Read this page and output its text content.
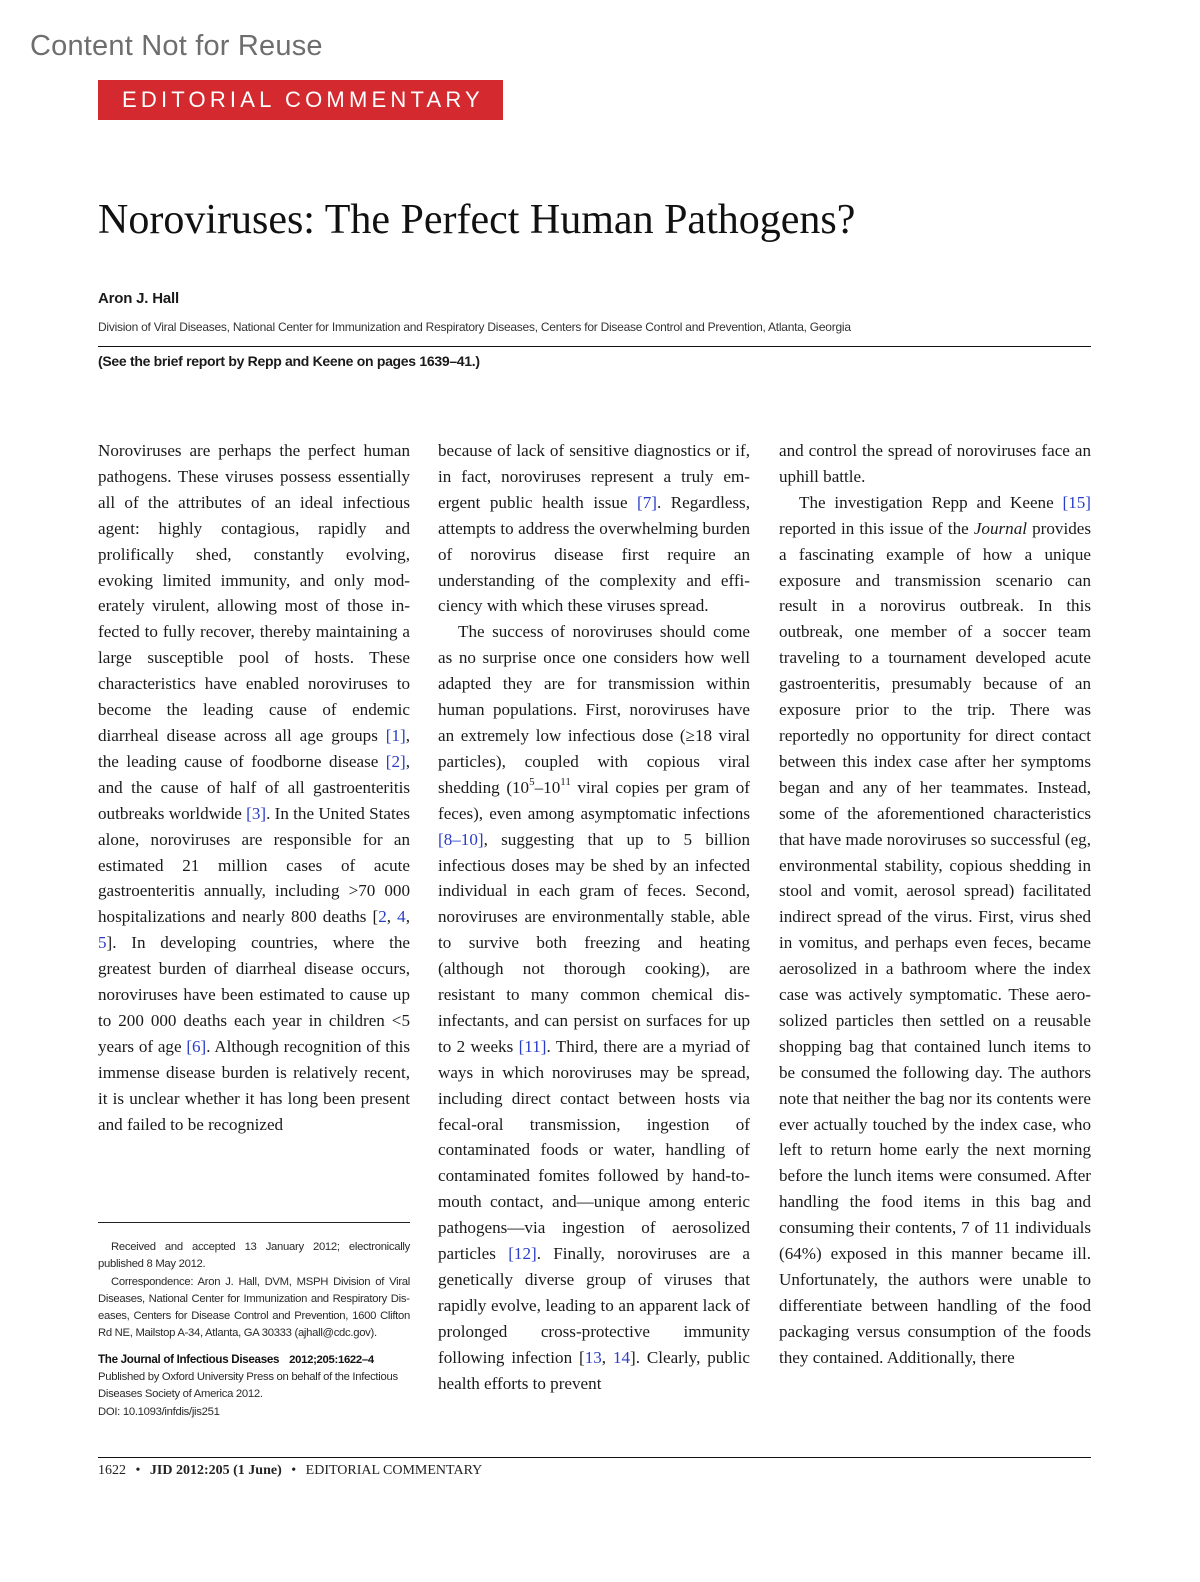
Content Not for Reuse
EDITORIAL COMMENTARY
Noroviruses: The Perfect Human Pathogens?
Aron J. Hall
Division of Viral Diseases, National Center for Immunization and Respiratory Diseases, Centers for Disease Control and Prevention, Atlanta, Georgia
(See the brief report by Repp and Keene on pages 1639–41.)

Noroviruses are perhaps the perfect human pathogens. These viruses possess essentially all of the attributes of an ideal infectious agent: highly contagious, rapidly and prolifically shed, constantly evolving, evoking limited immunity, and only moderately virulent, allowing most of those infected to fully recover, thereby maintaining a large susceptible pool of hosts. These characteristics have enabled noroviruses to become the leading cause of endemic diarrheal disease across all age groups [1], the leading cause of foodborne disease [2], and the cause of half of all gastroenteritis outbreaks worldwide [3]. In the United States alone, noroviruses are responsible for an estimated 21 million cases of acute gastroenteritis annually, including >70 000 hospitalizations and nearly 800 deaths [2, 4, 5]. In developing countries, where the greatest burden of diarrheal disease occurs, noroviruses have been estimated to cause up to 200 000 deaths each year in children <5 years of age [6]. Although recognition of this immense disease burden is relatively recent, it is unclear whether it has long been present and failed to be recognized

because of lack of sensitive diagnostics or if, in fact, noroviruses represent a truly emergent public health issue [7]. Regardless, attempts to address the overwhelming burden of norovirus disease first require an understanding of the complexity and efficiency with which these viruses spread.

The success of noroviruses should come as no surprise once one considers how well adapted they are for transmission within human populations. First, noroviruses have an extremely low infectious dose (≥18 viral particles), coupled with copious viral shedding ($10^5-10^{11}$ viral copies per gram of feces), even among asymptomatic infections [8–10], suggesting that up to 5 billion infectious doses may be shed by an infected individual in each gram of feces. Second, noroviruses are environmentally stable, able to survive both freezing and heating (although not thorough cooking), are resistant to many common chemical disinfectants, and can persist on surfaces for up to 2 weeks [11]. Third, there are a myriad of ways in which noroviruses may be spread, including direct contact between hosts via fecal-oral transmission, ingestion of contaminated foods or water, handling of contaminated fomites followed by hand-to-mouth contact, and—unique among enteric pathogens—via ingestion of aerosolized particles [12]. Finally, noroviruses are a genetically diverse group of viruses that rapidly evolve, leading to an apparent lack of prolonged cross-protective immunity following infection [13, 14]. Clearly, public health efforts to prevent

and control the spread of noroviruses face an uphill battle.

The investigation Repp and Keene [15] reported in this issue of the Journal provides a fascinating example of how a unique exposure and transmission scenario can result in a norovirus outbreak. In this outbreak, one member of a soccer team traveling to a tournament developed acute gastroenteritis, presumably because of an exposure prior to the trip. There was reportedly no opportunity for direct contact between this index case after her symptoms began and any of her teammates. Instead, some of the aforementioned characteristics that have made noroviruses so successful (eg, environmental stability, copious shedding in stool and vomit, aerosol spread) facilitated indirect spread of the virus. First, virus shed in vomitus, and perhaps even feces, became aerosolized in a bathroom where the index case was actively symptomatic. These aerosolized particles then settled on a reusable shopping bag that contained lunch items to be consumed the following day. The authors note that neither the bag nor its contents were ever actually touched by the index case, who left to return home early the next morning before the lunch items were consumed. After handling the food items in this bag and consuming their contents, 7 of 11 individuals (64%) exposed in this manner became ill. Unfortunately, the authors were unable to differentiate between handling of the food packaging versus consumption of the foods they contained. Additionally, there

Received and accepted 13 January 2012; electronically published 8 May 2012.

Correspondence: Aron J. Hall, DVM, MSPH Division of Viral Diseases, National Center for Immunization and Respiratory Diseases, Centers for Disease Control and Prevention, 1600 Clifton Rd NE, Mailstop A-34, Atlanta, GA 30333 (ajhall@cdc.gov).

The Journal of Infectious Diseases 2012;205:1622–4
Published by Oxford University Press on behalf of the Infectious Diseases Society of America 2012.
DOI: 10.1093/infdis/jis251
1622 • JID 2012:205 (1 June) • EDITORIAL COMMENTARY
